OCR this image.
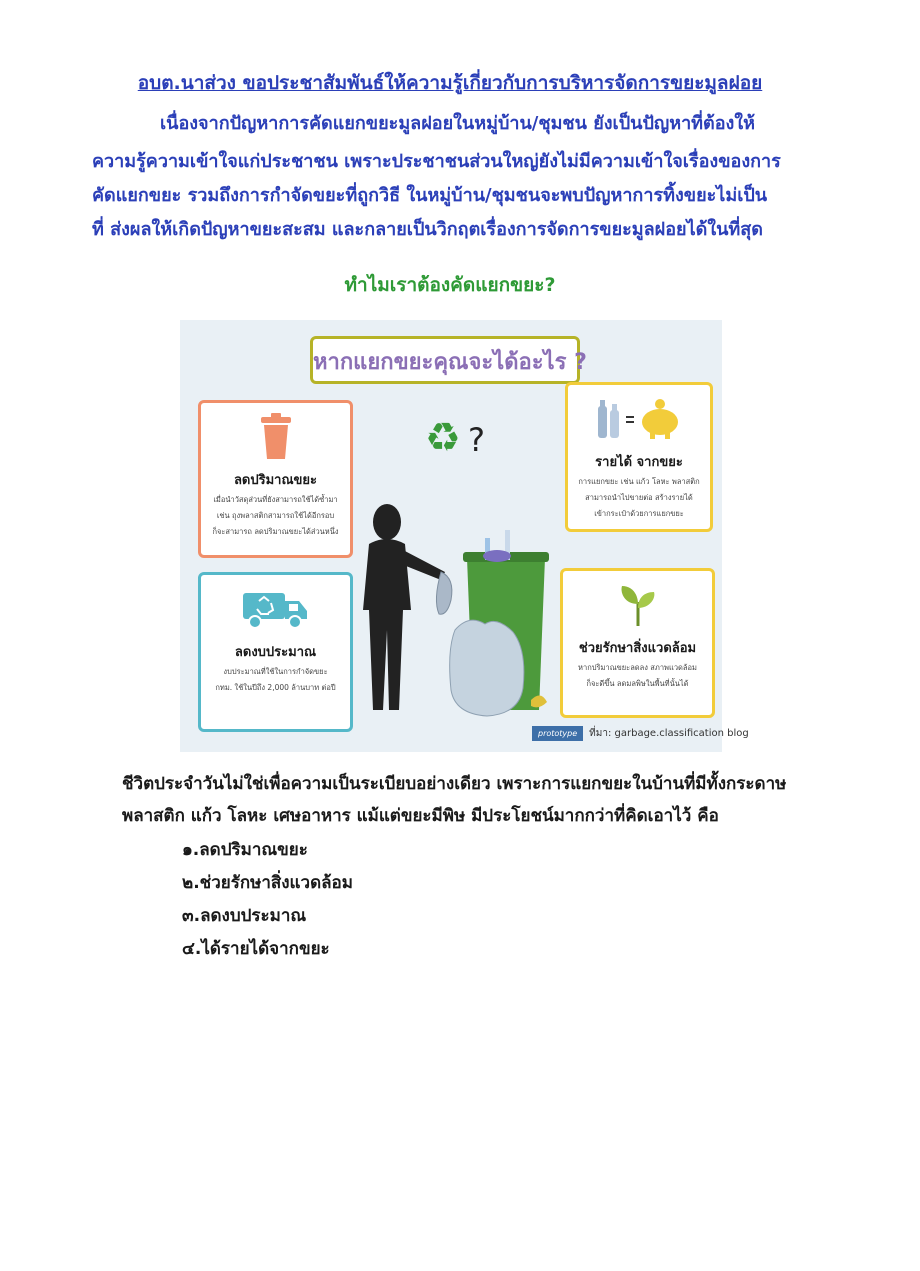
อบต.นาส่วง ขอประชาสัมพันธ์ให้ความรู้เกี่ยวกับการบริหารจัดการขยะมูลฝอย
เนื่องจากปัญหาการคัดแยกขยะมูลฝอยในหมู่บ้าน/ชุมชน ยังเป็นปัญหาที่ต้องให้
ความรู้ความเข้าใจแก่ประชาชน เพราะประชาชนส่วนใหญ่ยังไม่มีความเข้าใจเรื่องของการ
คัดแยกขยะ รวมถึงการกำจัดขยะที่ถูกวิธี ในหมู่บ้าน/ชุมชนจะพบปัญหาการทิ้งขยะไม่เป็น
ที่ ส่งผลให้เกิดปัญหาขยะสะสม และกลายเป็นวิกฤตเรื่องการจัดการขยะมูลฝอยได้ในที่สุด
ทำไมเราต้องคัดแยกขยะ?
หากแยกขยะคุณจะได้อะไร ?
ลดปริมาณขยะ
เมื่อนำวัสดุส่วนที่ยังสามารถใช้ได้ซ้ำมา
เช่น ถุงพลาสติกสามารถใช้ได้อีกรอบ
ก็จะสามารถ ลดปริมาณขยะได้ส่วนหนึ่ง
รายได้ จากขยะ
การแยกขยะ เช่น แก้ว โลหะ พลาสติก
สามารถนำไปขายต่อ สร้างรายได้
เข้ากระเป๋าด้วยการแยกขยะ
ลดงบประมาณ
งบประมาณที่ใช้ในการกำจัดขยะ
กทม. ใช้ในปีถึง 2,000 ล้านบาท ต่อปี
ช่วยรักษาสิ่งแวดล้อม
หากปริมาณขยะลดลง สภาพแวดล้อม
ก็จะดีขึ้น ลดมลพิษในพื้นที่นั้นได้
♻ ?
prototype	ที่มา: garbage.classification blog
ชีวิตประจำวันไม่ใช่เพื่อความเป็นระเบียบอย่างเดียว เพราะการแยกขยะในบ้านที่มีทั้งกระดาษ
พลาสติก แก้ว โลหะ เศษอาหาร แม้แต่ขยะมีพิษ มีประโยชน์มากกว่าที่คิดเอาไว้ คือ
๑.ลดปริมาณขยะ
๒.ช่วยรักษาสิ่งแวดล้อม
๓.ลดงบประมาณ
๔.ได้รายได้จากขยะ
